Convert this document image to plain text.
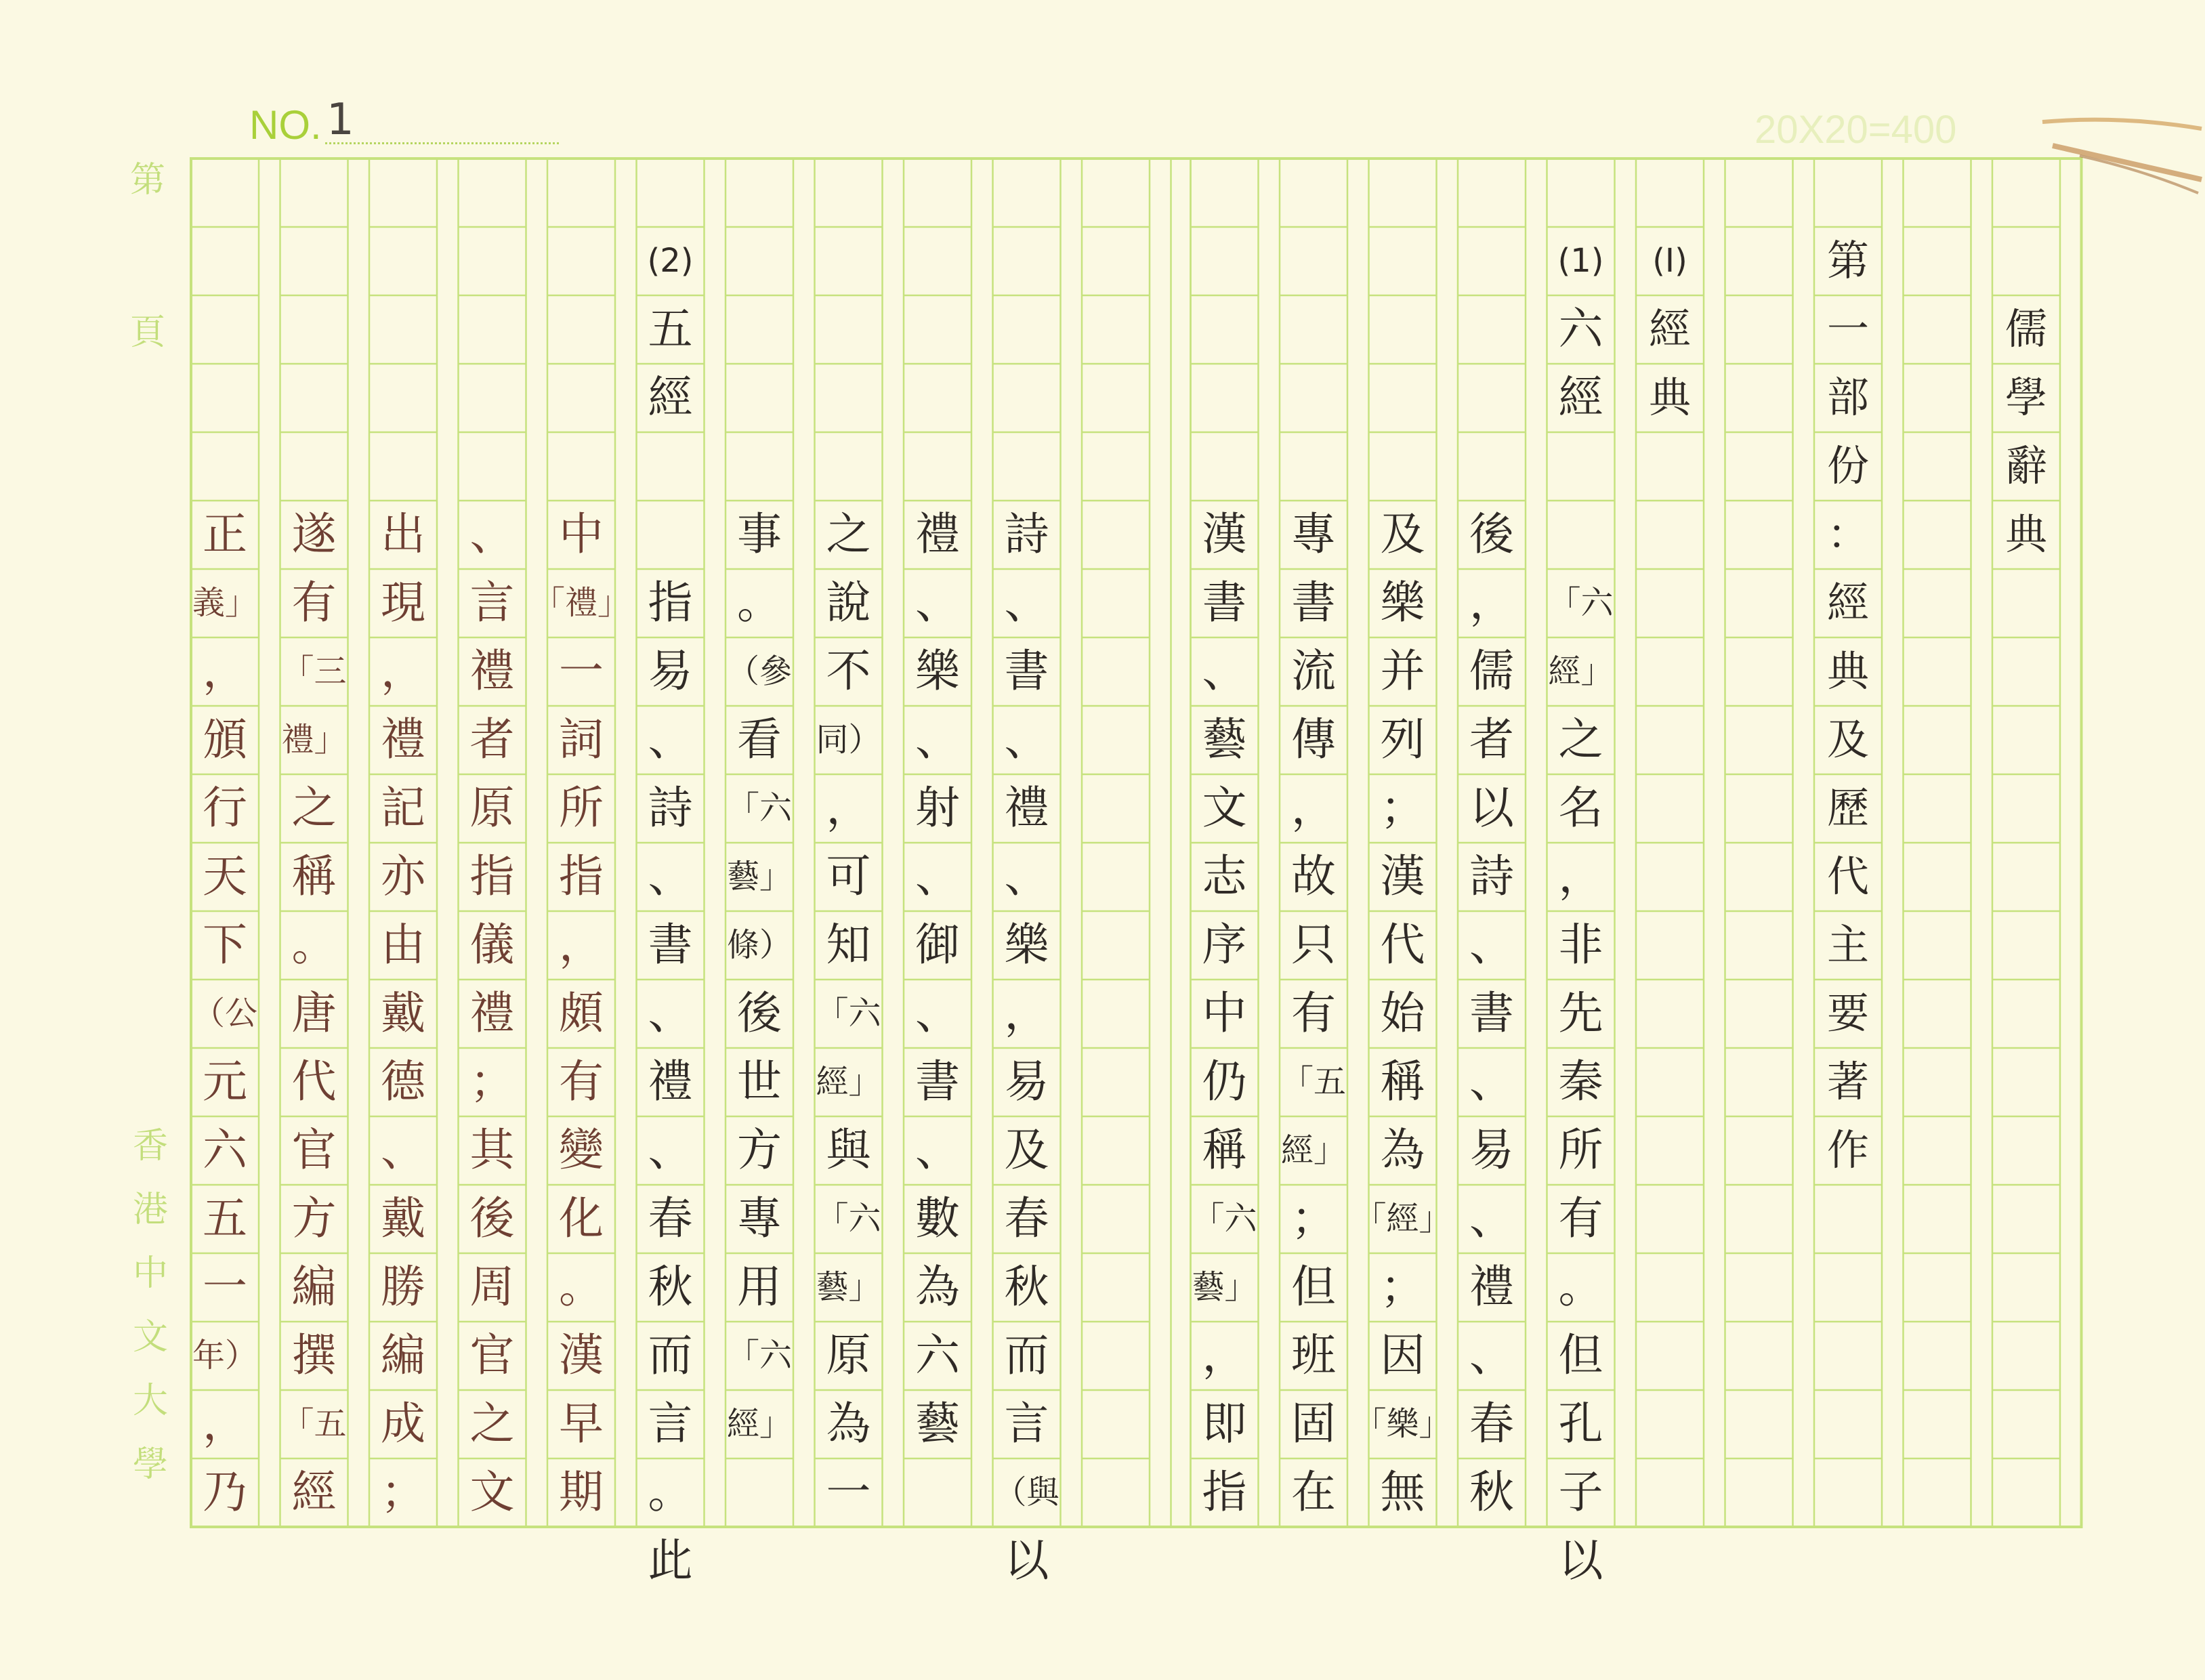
NO. 1	20X20=400
第
頁
香
港
中
文
大
學
儒
學
辭
典
第
一
部
份
：
經
典
及
歷
代
主
要
著
作
(I)
經
典
(1)
六
經
「六
經」
之
名
，
非
先
秦
所
有
。
但
孔
子
以
後
，
儒
者
以
詩
、
書
、
易
、
禮
、
春
秋
及
樂
并
列
；
漢
代
始
稱
為
「經」
；
因
「樂」
無
專
書
流
傳
，
故
只
有
「五
經」
；
但
班
固
在
漢
書
、
藝
文
志
序
中
仍
稱
「六
藝」
，
即
指
詩
、
書
、
禮
、
樂
，
易
及
春
秋
而
言
（與
以
禮
、
樂
、
射
、
御
、
書
、
數
為
六
藝
之
說
不
同）
，
可
知
「六
經」
與
「六
藝」
原
為
一
事
。
（參
看
「六
藝」
條）
後
世
方
專
用
「六
經」
(2)
五
經
指
易
、
詩
、
書
、
禮
、
春
秋
而
言
。
此
中
「禮」
一
詞
所
指
，
頗
有
變
化
。
漢
早
期
、
言
禮
者
原
指
儀
禮
；
其
後
周
官
之
文
出
現
，
禮
記
亦
由
戴
德
、
戴
勝
編
成
；
遂
有
「三
禮」
之
稱
。
唐
代
官
方
編
撰
「五
經
正
義」
，
頒
行
天
下
（公
元
六
五
一
年）
，
乃
